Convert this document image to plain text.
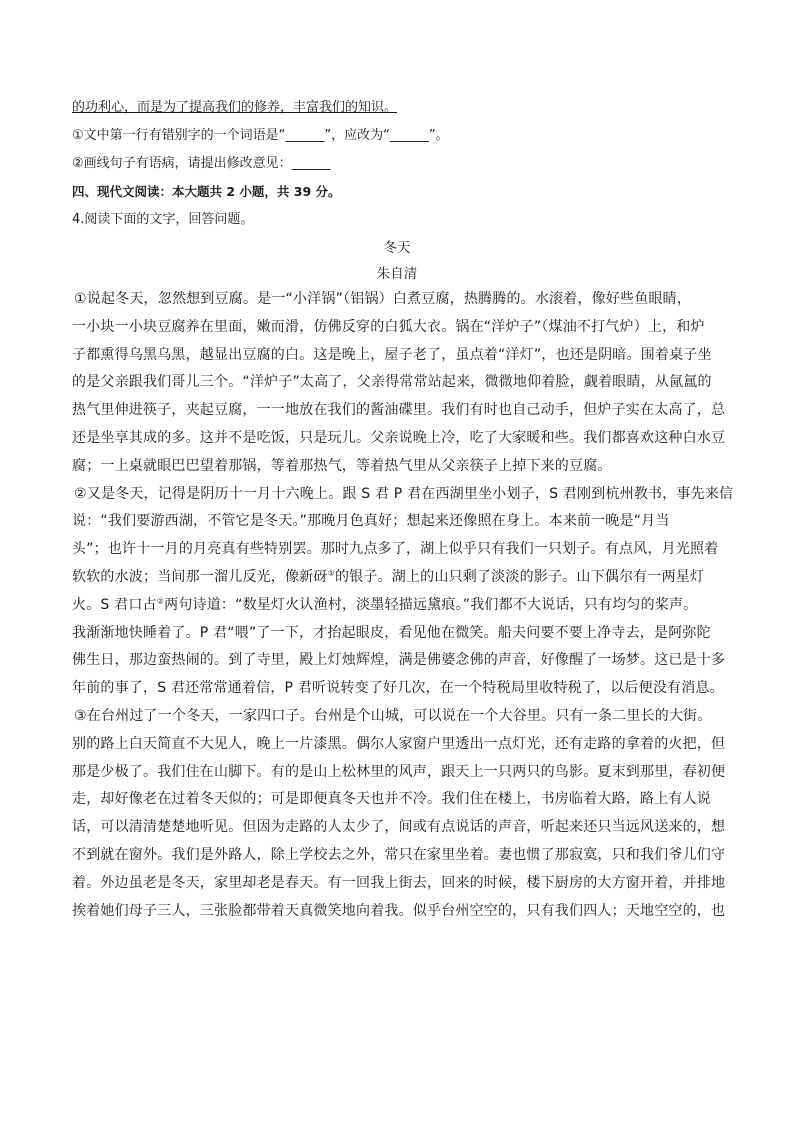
的功利心，而是为了提高我们的修养，丰富我们的知识。

①文中第一行有错别字的一个词语是“______”，应改为“______”。

②画线句子有语病，请提出修改意见：______

四、现代文阅读：本大题共 2 小题，共 39 分。

4.阅读下面的文字，回答问题。

冬天
朱自清

①说起冬天，忽然想到豆腐。是一“小洋锅”（铝锅）白煮豆腐，热腾腾的。水滚着，像好些鱼眼睛，

一小块一小块豆腐养在里面，嫩而滑，仿佛反穿的白狐大衣。锅在“洋炉子”（煤油不打气炉）上，和炉

子都熏得乌黑乌黑，越显出豆腐的白。这是晚上，屋子老了，虽点着“洋灯”，也还是阴暗。围着桌子坐

的是父亲跟我们哥儿三个。“洋炉子”太高了，父亲得常常站起来，微微地仰着脸，觑着眼睛，从氤氲的

热气里伸进筷子，夹起豆腐，一一地放在我们的酱油碟里。我们有时也自己动手，但炉子实在太高了，总

还是坐享其成的多。这并不是吃饭，只是玩儿。父亲说晚上冷，吃了大家暖和些。我们都喜欢这种白水豆

腐；一上桌就眼巴巴望着那锅，等着那热气，等着热气里从父亲筷子上掉下来的豆腐。

②又是冬天，记得是阴历十一月十六晚上。跟 S 君 P 君在西湖里坐小划子，S 君刚到杭州教书，事先来信

说：“我们要游西湖，不管它是冬天。”那晚月色真好；想起来还像照在身上。本来前一晚是“月当

头”；也许十一月的月亮真有些特别罢。那时九点多了，湖上似乎只有我们一只划子。有点风，月光照着

软软的水波；当间那一溜儿反光，像新砑①的银子。湖上的山只剩了淡淡的影子。山下偶尔有一两星灯

火。S 君口占②两句诗道：“数星灯火认渔村，淡墨轻描远黛痕。”我们都不大说话，只有均匀的桨声。

我渐渐地快睡着了。P 君“喂”了一下，才抬起眼皮，看见他在微笑。船夫问要不要上净寺去，是阿弥陀

佛生日，那边蛮热闹的。到了寺里，殿上灯烛辉煌，满是佛婆念佛的声音，好像醒了一场梦。这已是十多

年前的事了，S 君还常常通着信，P 君听说转变了好几次，在一个特税局里收特税了，以后便没有消息。

③在台州过了一个冬天，一家四口子。台州是个山城，可以说在一个大谷里。只有一条二里长的大街。

别的路上白天简直不大见人，晚上一片漆黑。偶尔人家窗户里透出一点灯光，还有走路的拿着的火把，但

那是少极了。我们住在山脚下。有的是山上松林里的风声，跟天上一只两只的鸟影。夏末到那里，春初便

走，却好像老在过着冬天似的；可是即便真冬天也并不冷。我们住在楼上，书房临着大路，路上有人说

话，可以清清楚楚地听见。但因为走路的人太少了，间或有点说话的声音，听起来还只当远风送来的，想

不到就在窗外。我们是外路人，除上学校去之外，常只在家里坐着。妻也惯了那寂寞，只和我们爷儿们守

着。外边虽老是冬天，家里却老是春天。有一回我上街去，回来的时候，楼下厨房的大方窗开着，并排地

挨着她们母子三人，三张脸都带着天真微笑地向着我。似乎台州空空的，只有我们四人；天地空空的，也
